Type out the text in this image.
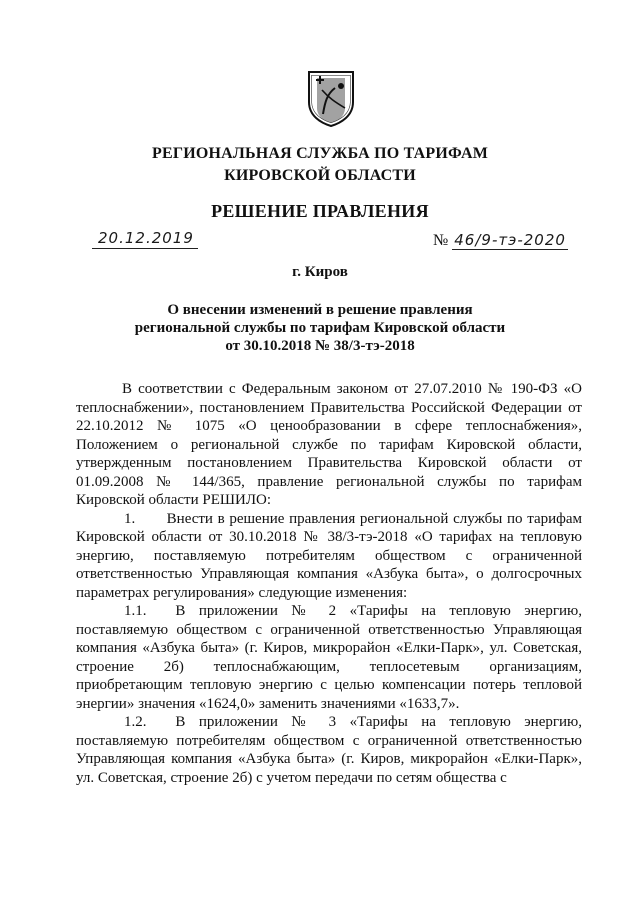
РЕГИОНАЛЬНАЯ СЛУЖБА ПО ТАРИФАМ
КИРОВСКОЙ ОБЛАСТИ
РЕШЕНИЕ ПРАВЛЕНИЯ
20.12.2019	№ 46/9-тэ-2020
г. Киров
О внесении изменений в решение правления
региональной службы по тарифам Кировской области
от 30.10.2018 № 38/3-тэ-2018
В соответствии с Федеральным законом от 27.07.2010 № 190-ФЗ «О теплоснабжении», постановлением Правительства Российской Федерации от 22.10.2012 № 1075 «О ценообразовании в сфере теплоснабжения», Положением о региональной службе по тарифам Кировской области, утвержденным постановлением Правительства Кировской области от 01.09.2008 № 144/365, правление региональной службы по тарифам Кировской области РЕШИЛО:
1. Внести в решение правления региональной службы по тарифам Кировской области от 30.10.2018 № 38/3-тэ-2018 «О тарифах на тепловую энергию, поставляемую потребителям обществом с ограниченной ответственностью Управляющая компания «Азбука быта», о долгосрочных параметрах регулирования» следующие изменения:
1.1. В приложении № 2 «Тарифы на тепловую энергию, поставляемую обществом с ограниченной ответственностью Управляющая компания «Азбука быта» (г. Киров, микрорайон «Елки-Парк», ул. Советская, строение 2б) теплоснабжающим, теплосетевым организациям, приобретающим тепловую энергию с целью компенсации потерь тепловой энергии» значения «1624,0» заменить значениями «1633,7».
1.2. В приложении № 3 «Тарифы на тепловую энергию, поставляемую потребителям обществом с ограниченной ответственностью Управляющая компания «Азбука быта» (г. Киров, микрорайон «Елки-Парк», ул. Советская, строение 2б) с учетом передачи по сетям общества с
